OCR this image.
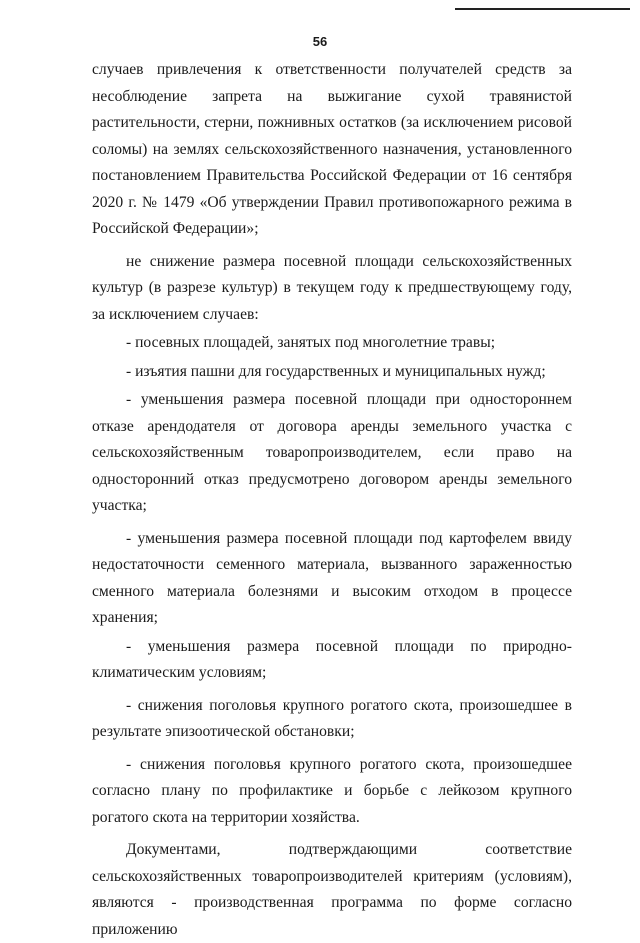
56

случаев привлечения к ответственности получателей средств за несоблюдение запрета на выжигание сухой травянистой растительности, стерни, пожнивных остатков (за исключением рисовой соломы) на землях сельскохозяйственного назначения, установленного постановлением Правительства Российской Федерации от 16 сентября 2020 г. № 1479 «Об утверждении Правил противопожарного режима в Российской Федерации»;

не снижение размера посевной площади сельскохозяйственных культур (в разрезе культур) в текущем году к предшествующему году, за исключением случаев:

- посевных площадей, занятых под многолетние травы;

- изъятия пашни для государственных и муниципальных нужд;

- уменьшения размера посевной площади при одностороннем отказе арендодателя от договора аренды земельного участка с сельскохозяйственным товаропроизводителем, если право на односторонний отказ предусмотрено договором аренды земельного участка;

- уменьшения размера посевной площади под картофелем ввиду недостаточности семенного материала, вызванного зараженностью сменного материала болезнями и высоким отходом в процессе хранения;

- уменьшения размера посевной площади по природно-климатическим условиям;

- снижения поголовья крупного рогатого скота, произошедшее в результате эпизоотической обстановки;

- снижения поголовья крупного рогатого скота, произошедшее согласно плану по профилактике и борьбе с лейкозом крупного рогатого скота на территории хозяйства.

Документами, подтверждающими соответствие сельскохозяйственных товаропроизводителей критериям (условиям), являются - производственная программа по форме согласно приложению
